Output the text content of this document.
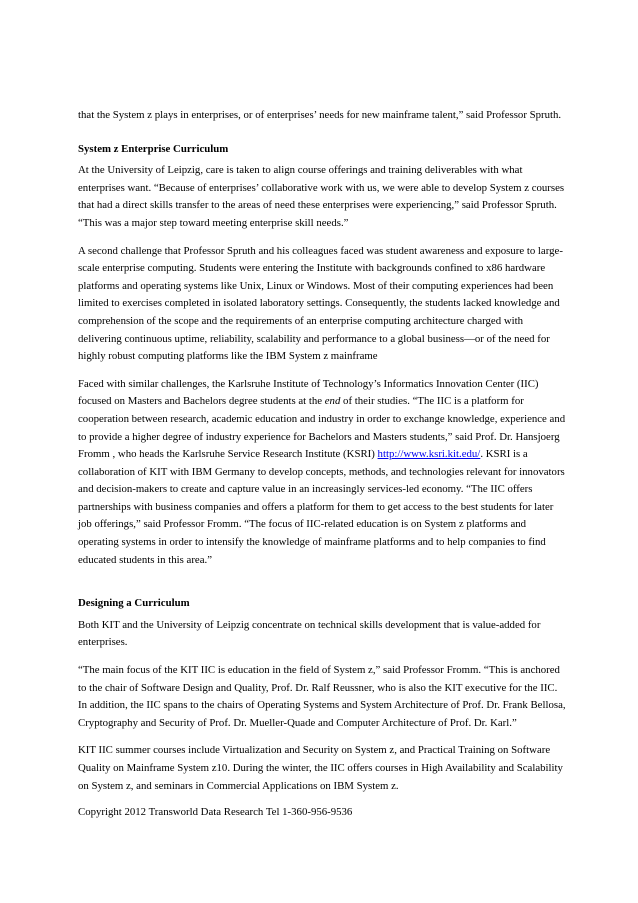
that the System z plays in enterprises, or of enterprises’ needs for new mainframe talent,” said Professor Spruth.

System z Enterprise Curriculum

At the University of Leipzig, care is taken to align course offerings and training deliverables with what enterprises want. “Because of enterprises’ collaborative work with us, we were able to develop System z courses that had a direct skills transfer to the areas of need these enterprises were experiencing,” said Professor Spruth. “This was a major step toward meeting enterprise skill needs.”

A second challenge that Professor Spruth and his colleagues faced was student awareness and exposure to large-scale enterprise computing. Students were entering the Institute with backgrounds confined to x86 hardware platforms and operating systems like Unix, Linux or Windows. Most of their computing experiences had been limited to exercises completed in isolated laboratory settings. Consequently, the students lacked knowledge and comprehension of the scope and the requirements of an enterprise computing architecture charged with delivering continuous uptime, reliability, scalability and performance to a global business—or of the need for highly robust computing platforms like the IBM System z mainframe

Faced with similar challenges, the Karlsruhe Institute of Technology’s Informatics Innovation Center (IIC) focused on Masters and Bachelors degree students at the end of their studies. “The IIC is a platform for cooperation between research, academic education and industry in order to exchange knowledge, experience and to provide a higher degree of industry experience for Bachelors and Masters students,” said Prof. Dr. Hansjoerg Fromm , who heads the Karlsruhe Service Research Institute (KSRI) http://www.ksri.kit.edu/. KSRI is a collaboration of KIT with IBM Germany to develop concepts, methods, and technologies relevant for innovators and decision-makers to create and capture value in an increasingly services-led economy. “The IIC offers partnerships with business companies and offers a platform for them to get access to the best students for later job offerings,” said Professor Fromm. “The focus of IIC-related education is on System z platforms and operating systems in order to intensify the knowledge of mainframe platforms and to help companies to find educated students in this area.”

Designing a Curriculum

Both KIT and the University of Leipzig concentrate on technical skills development that is value-added for enterprises.

“The main focus of the KIT IIC is education in the field of System z,” said Professor Fromm. “This is anchored to the chair of Software Design and Quality, Prof. Dr. Ralf Reussner, who is also the KIT executive for the IIC. In addition, the IIC spans to the chairs of Operating Systems and System Architecture of Prof. Dr. Frank Bellosa, Cryptography and Security of Prof. Dr. Mueller-Quade and Computer Architecture of Prof. Dr. Karl.”

KIT IIC summer courses include Virtualization and Security on System z, and Practical Training on Software Quality on Mainframe System z10. During the winter, the IIC offers courses in High Availability and Scalability on System z, and seminars in Commercial Applications on IBM System z.

Copyright 2012 Transworld Data Research Tel 1-360-956-9536
